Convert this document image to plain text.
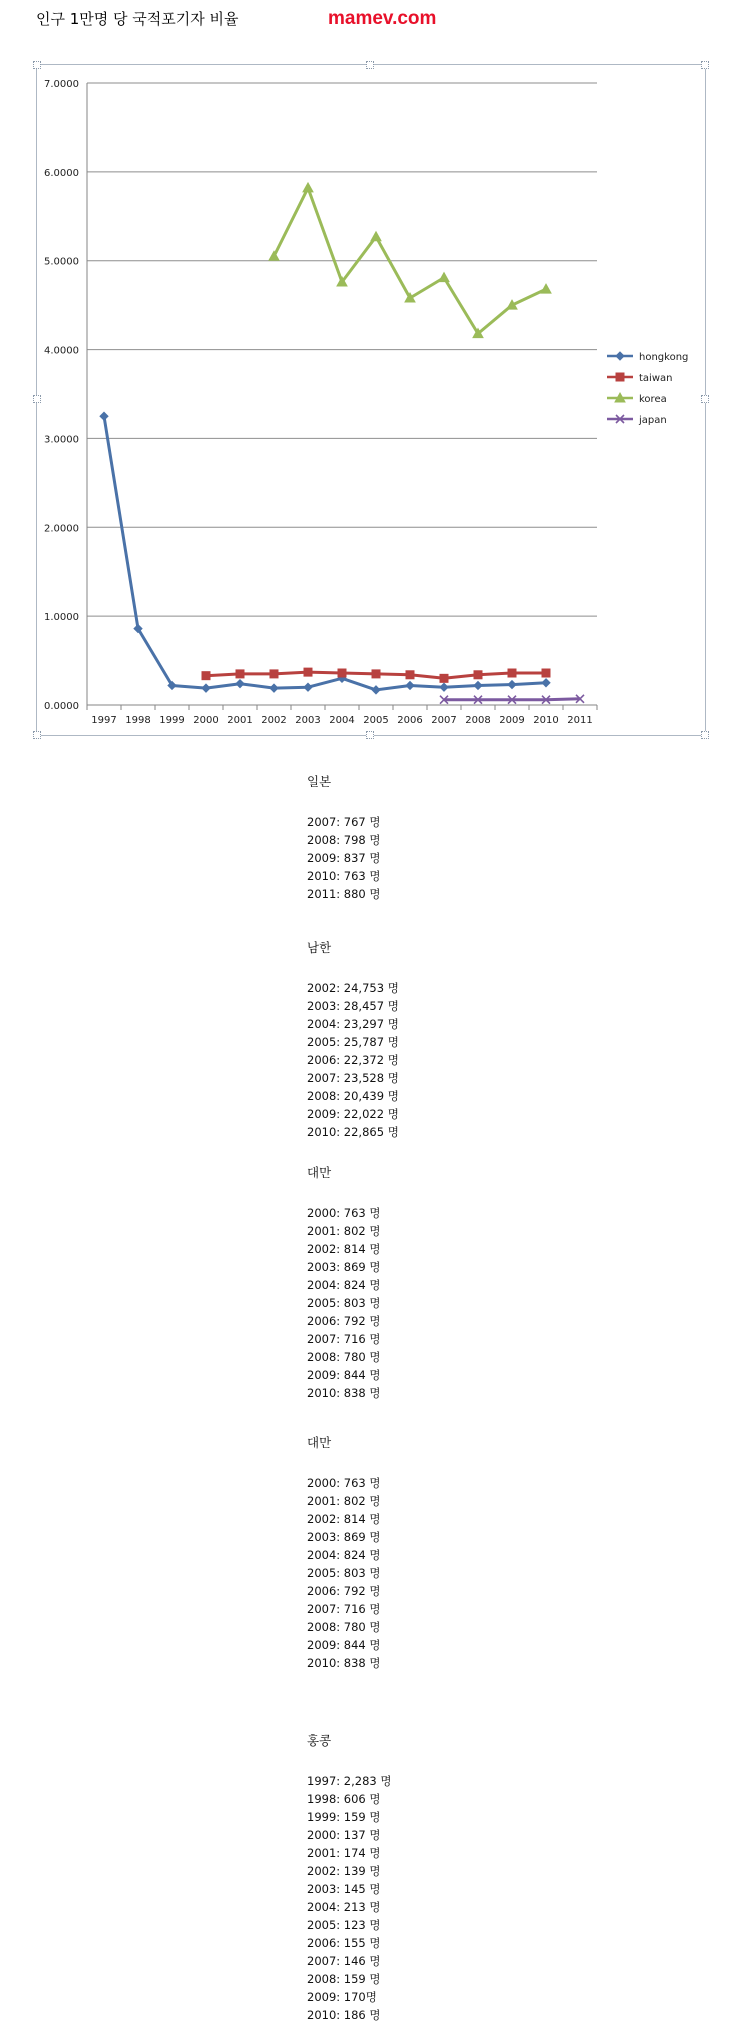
인구 1만명 당 국적포기자 비율	mamev.com
0.0000
1.0000
2.0000
3.0000
4.0000
5.0000
6.0000
7.0000
1997 1998 1999 2000 2001 2002 2003 2004 2005 2006 2007 2008 2009 2010 2011
hongkong
taiwan
korea
japan
일본
2007: 767 명
2008: 798 명
2009: 837 명
2010: 763 명
2011: 880 명
남한
2002: 24,753 명
2003: 28,457 명
2004: 23,297 명
2005: 25,787 명
2006: 22,372 명
2007: 23,528 명
2008: 20,439 명
2009: 22,022 명
2010: 22,865 명
대만
2000: 763 명
2001: 802 명
2002: 814 명
2003: 869 명
2004: 824 명
2005: 803 명
2006: 792 명
2007: 716 명
2008: 780 명
2009: 844 명
2010: 838 명
대만
2000: 763 명
2001: 802 명
2002: 814 명
2003: 869 명
2004: 824 명
2005: 803 명
2006: 792 명
2007: 716 명
2008: 780 명
2009: 844 명
2010: 838 명
홍콩
1997: 2,283 명
1998: 606 명
1999: 159 명
2000: 137 명
2001: 174 명
2002: 139 명
2003: 145 명
2004: 213 명
2005: 123 명
2006: 155 명
2007: 146 명
2008: 159 명
2009: 170명
2010: 186 명
